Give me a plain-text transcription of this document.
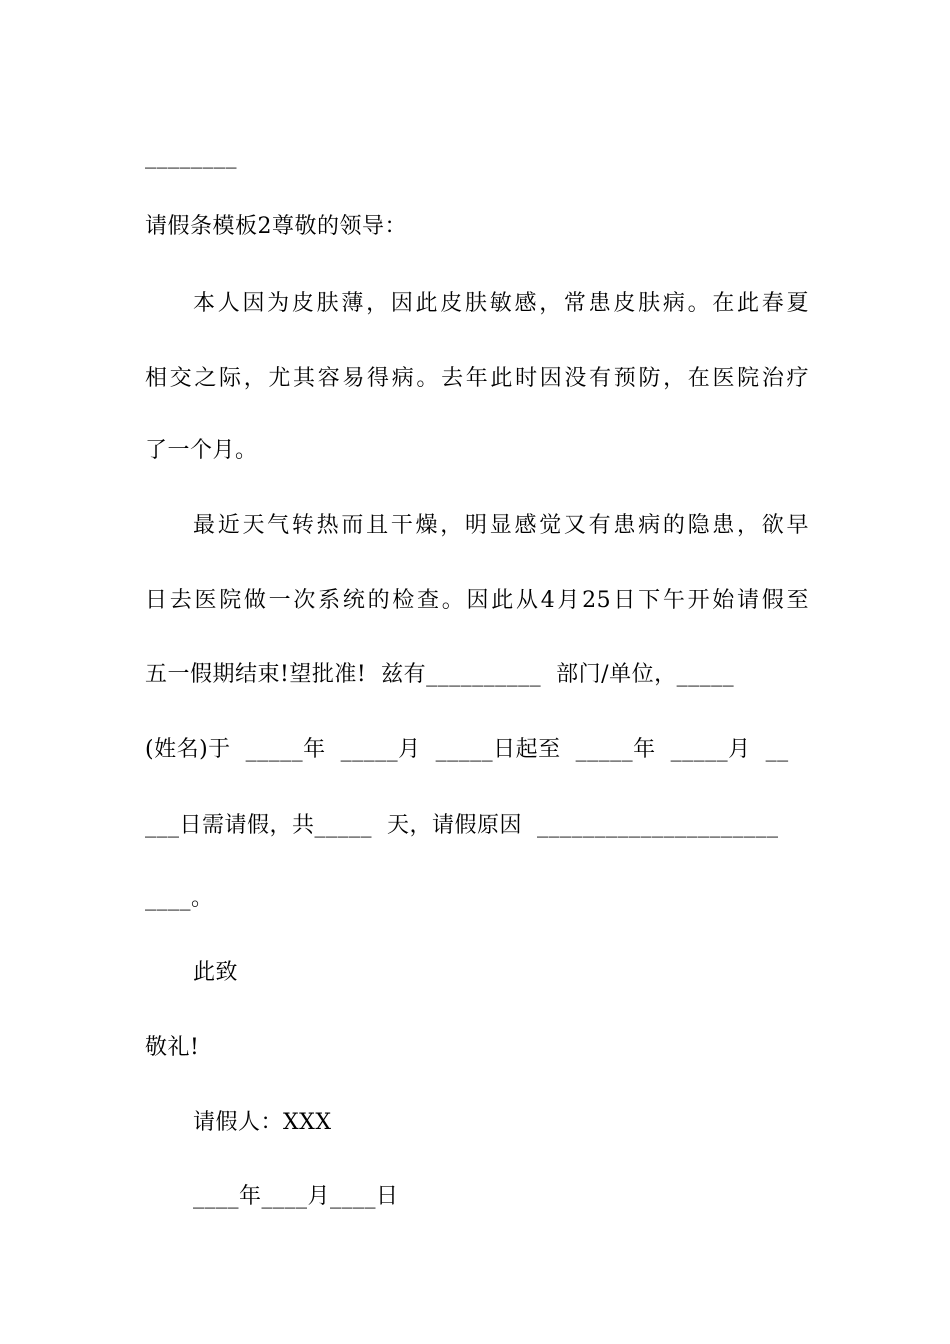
________
请假条模板2尊敬的领导：
本人因为皮肤薄，因此皮肤敏感，常患皮肤病。在此春夏
相交之际，尤其容易得病。去年此时因没有预防，在医院治疗
了一个月。
最近天气转热而且干燥，明显感觉又有患病的隐患，欲早
日去医院做一次系统的检查。因此从4月25日下午开始请假至
五一假期结束!望批准!  兹有__________  部门/单位，_____
(姓名)于  _____年  _____月  _____日起至  _____年  _____月  __
___日需请假，共_____  天，请假原因  _____________________
____。
此致
敬礼!
请假人：XXX
____年____月____日
